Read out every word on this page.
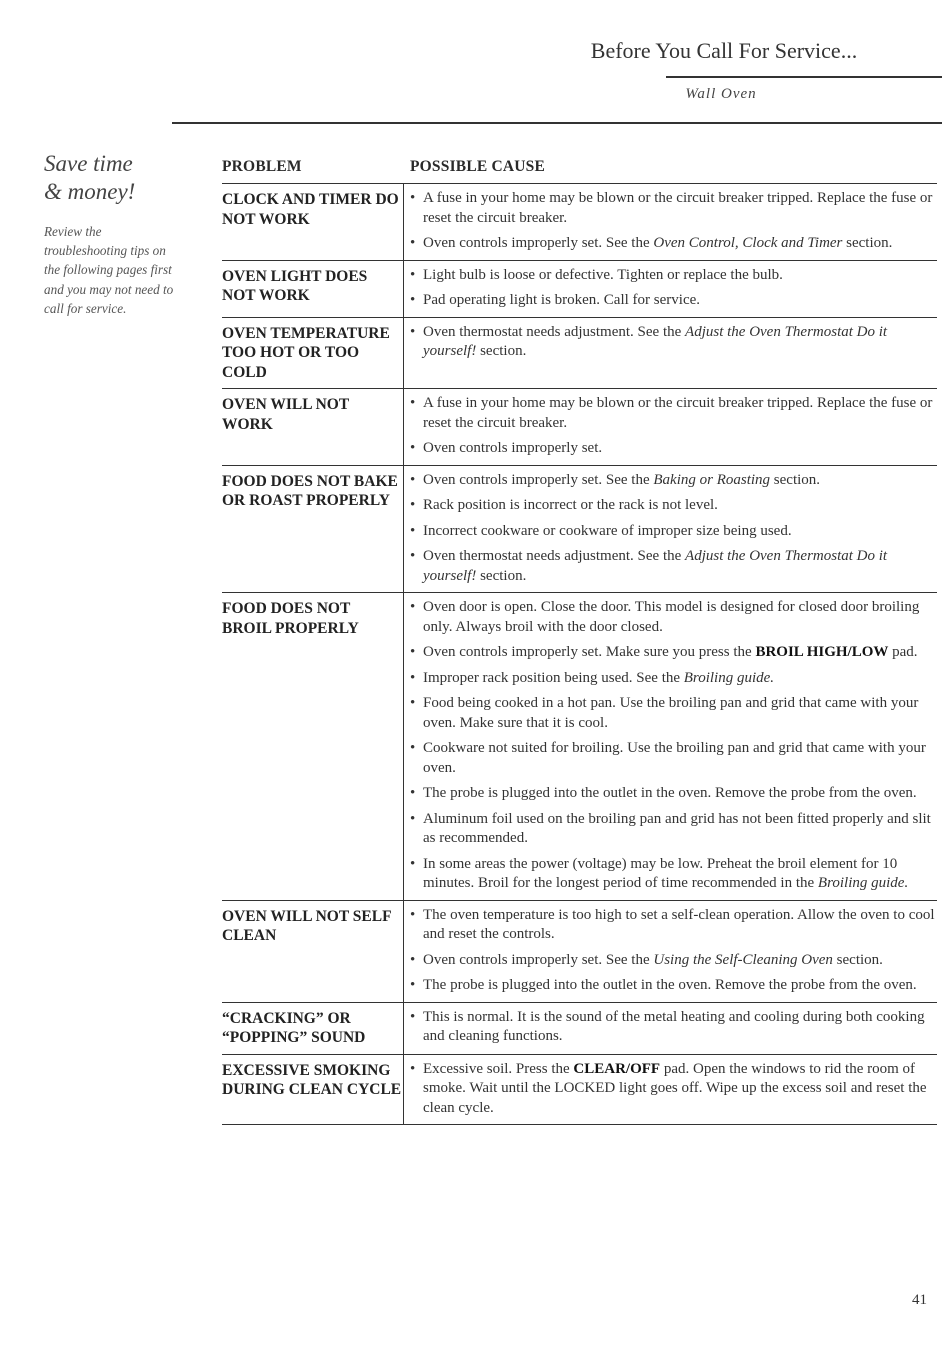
Before You Call For Service...
Wall Oven
Save time
& money!
Review the troubleshooting tips on the following pages first and you may not need to call for service.
PROBLEM	POSSIBLE CAUSE
CLOCK AND TIMER DO NOT WORK
• A fuse in your home may be blown or the circuit breaker tripped. Replace the fuse or reset the circuit breaker.
• Oven controls improperly set. See the Oven Control, Clock and Timer section.
OVEN LIGHT DOES NOT WORK
• Light bulb is loose or defective. Tighten or replace the bulb.
• Pad operating light is broken. Call for service.
OVEN TEMPERATURE TOO HOT OR TOO COLD
• Oven thermostat needs adjustment. See the Adjust the Oven Thermostat Do it yourself! section.
OVEN WILL NOT WORK
• A fuse in your home may be blown or the circuit breaker tripped. Replace the fuse or reset the circuit breaker.
• Oven controls improperly set.
FOOD DOES NOT BAKE OR ROAST PROPERLY
• Oven controls improperly set. See the Baking or Roasting section.
• Rack position is incorrect or the rack is not level.
• Incorrect cookware or cookware of improper size being used.
• Oven thermostat needs adjustment. See the Adjust the Oven Thermostat Do it yourself! section.
FOOD DOES NOT BROIL PROPERLY
• Oven door is open. Close the door. This model is designed for closed door broiling only. Always broil with the door closed.
• Oven controls improperly set. Make sure you press the BROIL HIGH/LOW pad.
• Improper rack position being used. See the Broiling guide.
• Food being cooked in a hot pan. Use the broiling pan and grid that came with your oven. Make sure that it is cool.
• Cookware not suited for broiling. Use the broiling pan and grid that came with your oven.
• The probe is plugged into the outlet in the oven. Remove the probe from the oven.
• Aluminum foil used on the broiling pan and grid has not been fitted properly and slit as recommended.
• In some areas the power (voltage) may be low. Preheat the broil element for 10 minutes. Broil for the longest period of time recommended in the Broiling guide.
OVEN WILL NOT SELF CLEAN
• The oven temperature is too high to set a self-clean operation. Allow the oven to cool and reset the controls.
• Oven controls improperly set. See the Using the Self-Cleaning Oven section.
• The probe is plugged into the outlet in the oven. Remove the probe from the oven.
“CRACKING” OR “POPPING” SOUND
• This is normal. It is the sound of the metal heating and cooling during both cooking and cleaning functions.
EXCESSIVE SMOKING DURING CLEAN CYCLE
• Excessive soil. Press the CLEAR/OFF pad. Open the windows to rid the room of smoke. Wait until the LOCKED light goes off. Wipe up the excess soil and reset the clean cycle.
41
